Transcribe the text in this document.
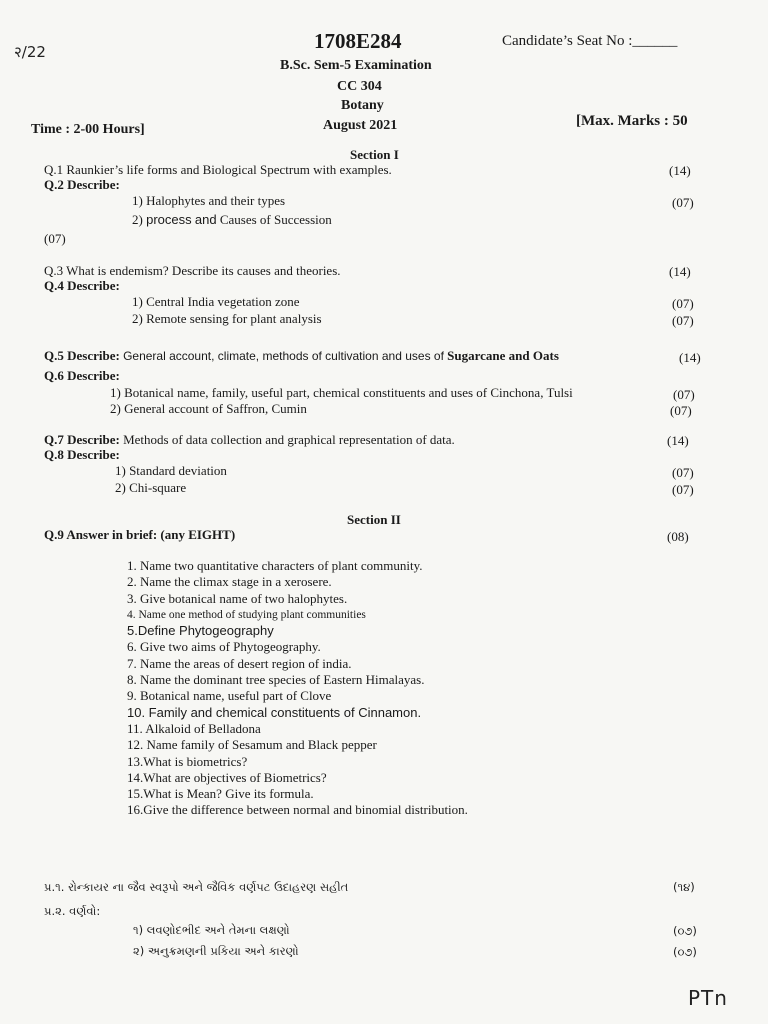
२/22	1708E284	Candidate’s Seat No :______
B.Sc. Sem-5 Examination
CC 304
Botany
Time : 2-00 Hours]	August 2021	[Max. Marks : 50
Section I
Q.1 Raunkier’s life forms and Biological Spectrum with examples.	(14)
Q.2 Describe:
1) Halophytes and their types	(07)
2) process and Causes of Succession
(07)
Q.3 What is endemism? Describe its causes and theories.	(14)
Q.4 Describe:
1) Central India vegetation zone	(07)
2) Remote sensing for plant analysis	(07)
Q.5 Describe: General account, climate, methods of cultivation and uses of Sugarcane and Oats	(14)
Q.6 Describe:
1) Botanical name, family, useful part, chemical constituents and uses of Cinchona, Tulsi	(07)
2) General account of Saffron, Cumin	(07)
Q.7 Describe: Methods of data collection and graphical representation of data.	(14)
Q.8 Describe:
1) Standard deviation	(07)
2) Chi-square	(07)
Section II
Q.9 Answer in brief: (any EIGHT)	(08)
1. Name two quantitative characters of plant community.
2. Name the climax stage in a xerosere.
3. Give botanical name of two halophytes.
4. Name one method of studying plant communities
5.Define Phytogeography
6. Give two aims of Phytogeography.
7. Name the areas of desert region of india.
8. Name the dominant tree species of Eastern Himalayas.
9. Botanical name, useful part of Clove
10. Family and chemical constituents of Cinnamon.
11. Alkaloid of Belladona
12. Name family of Sesamum and Black pepper
13.What is biometrics?
14.What are objectives of Biometrics?
15.What is Mean? Give its formula.
16.Give the difference between normal and binomial distribution.
પ્ર.૧. રોન્કાયર ના જૈવ સ્વરૂપો અને જૈવિક વર્ણપટ ઉદાહરણ સહીત	(૧૪)
પ્ર.૨. વર્ણવો:
૧) લવણોદભીદ અને તેમના લક્ષણો	(૦૭)
૨) અનુક્રમણની પ્રકિયા અને કારણો	(૦૭)
PTn
